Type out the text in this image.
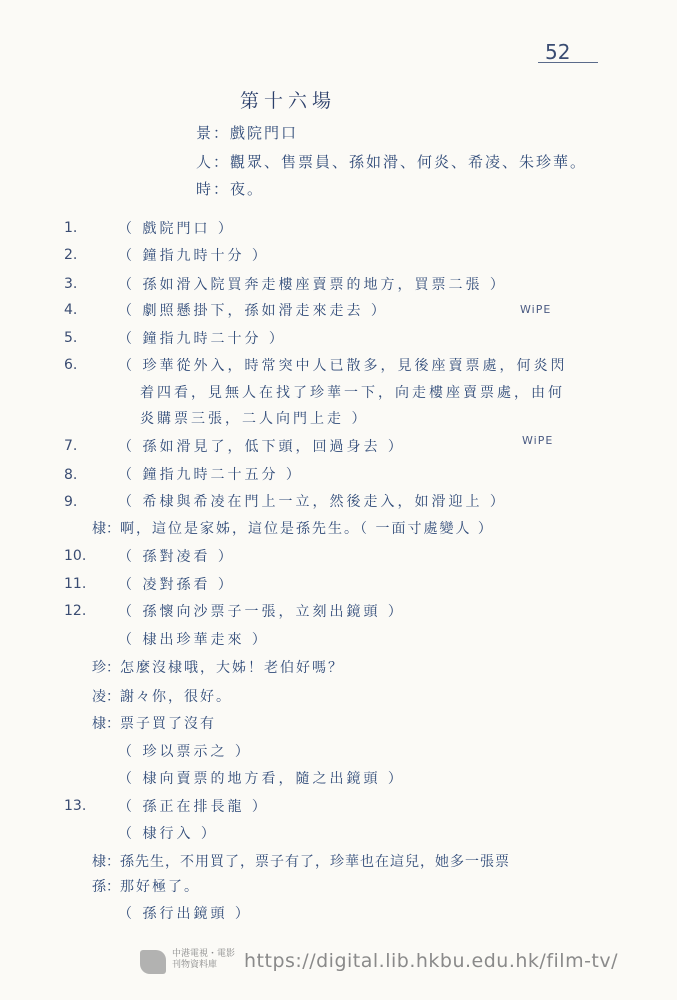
52
第十六場
景：戲院門口
人：觀眾、售票員、孫如滑、何炎、希凌、朱珍華。
時：夜。
1.	（ 戲院門口 ）
2.	（ 鐘指九時十分 ）
3.	（ 孫如滑入院買奔走樓座賣票的地方，買票二張 ）
4.	（ 劇照懸掛下，孫如滑走來走去 ）	WiPE
5.	（ 鐘指九時二十分 ）
6.	（ 珍華從外入，時常突中人已散多，見後座賣票處，何炎閃
着四看，見無人在找了珍華一下，向走樓座賣票處，由何
炎購票三張，二人向門上走 ）
7.	（ 孫如滑見了，低下頭，回過身去 ）	WiPE
8.	（ 鐘指九時二十五分 ）
9.	（ 希棣與希凌在門上一立，然後走入，如滑迎上 ）
棣：啊，這位是家姊，這位是孫先生。（ 一面寸處變人 ）
10.	（ 孫對凌看 ）
11.	（ 凌對孫看 ）
12.	（ 孫懷向沙票子一張，立刻出鏡頭 ）
（ 棣出珍華走來 ）
珍：怎麼沒棣哦，大姊！老伯好嗎？
凌：謝々你，很好。
棣：票子買了沒有
（ 珍以票示之 ）
（ 棣向賣票的地方看，隨之出鏡頭 ）
13.	（ 孫正在排長龍 ）
（ 棣行入 ）
棣：孫先生，不用買了，票子有了，珍華也在這兒，她多一張票
孫：那好極了。
（ 孫行出鏡頭 ）
中港電視・電影 刊物資料庫	https://digital.lib.hkbu.edu.hk/film-tv/
